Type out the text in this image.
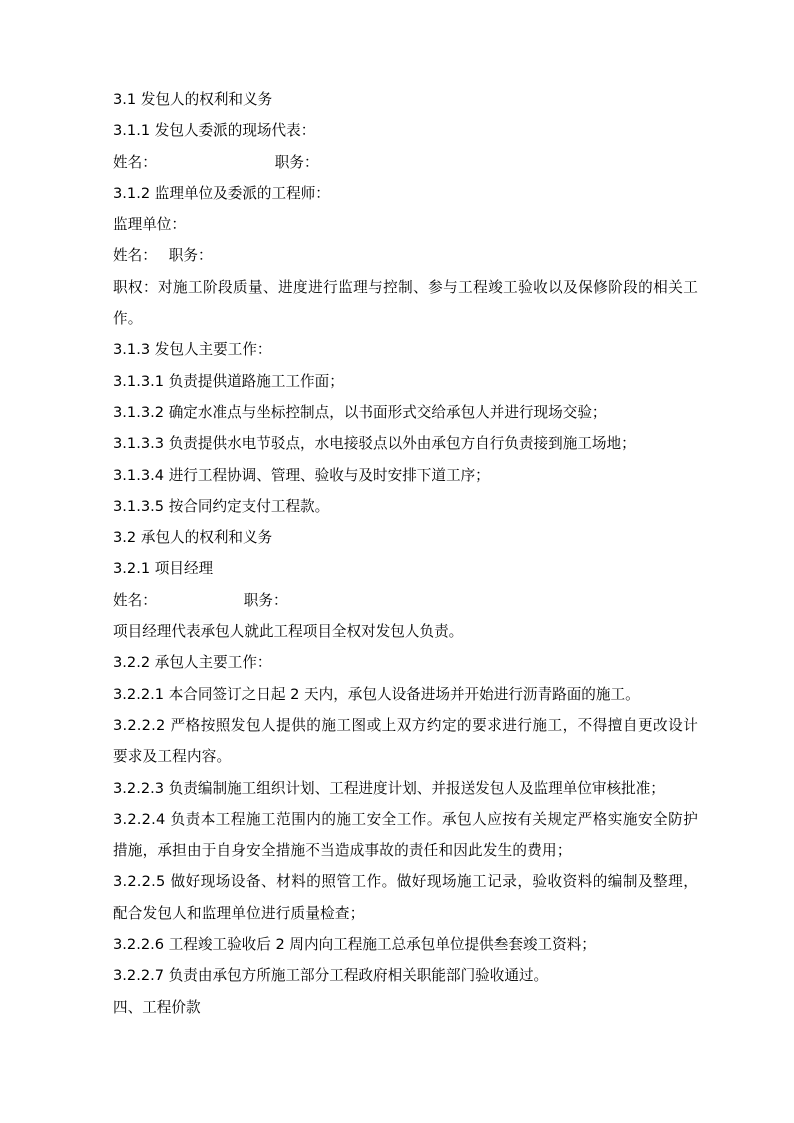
3.1 发包人的权利和义务
3.1.1 发包人委派的现场代表：
姓名：	职务：
3.1.2 监理单位及委派的工程师：
监理单位：
姓名： 职务：
职权：对施工阶段质量、进度进行监理与控制、参与工程竣工验收以及保修阶段的相关工作。
3.1.3 发包人主要工作：
3.1.3.1 负责提供道路施工工作面；
3.1.3.2 确定水准点与坐标控制点，以书面形式交给承包人并进行现场交验；
3.1.3.3 负责提供水电节驳点，水电接驳点以外由承包方自行负责接到施工场地；
3.1.3.4 进行工程协调、管理、验收与及时安排下道工序；
3.1.3.5 按合同约定支付工程款。
3.2 承包人的权利和义务
3.2.1 项目经理
姓名：	职务：
项目经理代表承包人就此工程项目全权对发包人负责。
3.2.2 承包人主要工作：
3.2.2.1 本合同签订之日起 2 天内，承包人设备进场并开始进行沥青路面的施工。
3.2.2.2 严格按照发包人提供的施工图或上双方约定的要求进行施工，不得擅自更改设计要求及工程内容。
3.2.2.3 负责编制施工组织计划、工程进度计划、并报送发包人及监理单位审核批准；
3.2.2.4 负责本工程施工范围内的施工安全工作。承包人应按有关规定严格实施安全防护措施，承担由于自身安全措施不当造成事故的责任和因此发生的费用；
3.2.2.5 做好现场设备、材料的照管工作。做好现场施工记录，验收资料的编制及整理，配合发包人和监理单位进行质量检查；
3.2.2.6 工程竣工验收后 2 周内向工程施工总承包单位提供叁套竣工资料；
3.2.2.7 负责由承包方所施工部分工程政府相关职能部门验收通过。
四、工程价款
